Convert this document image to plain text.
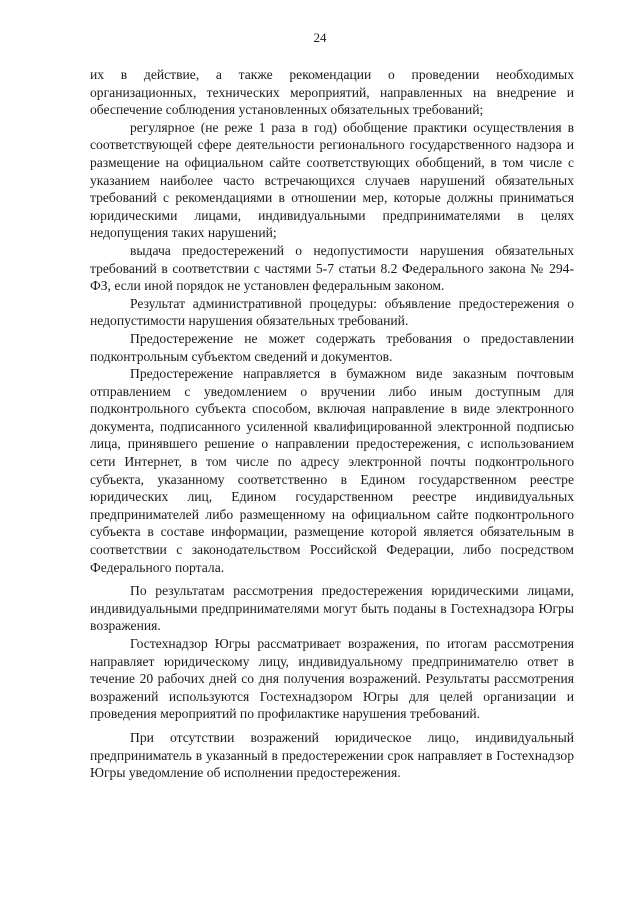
24

их в действие, а также рекомендации о проведении необходимых организационных, технических мероприятий, направленных на внедрение и обеспечение соблюдения установленных обязательных требований;

регулярное (не реже 1 раза в год) обобщение практики осуществления в соответствующей сфере деятельности регионального государственного надзора и размещение на официальном сайте соответствующих обобщений, в том числе с указанием наиболее часто встречающихся случаев нарушений обязательных требований с рекомендациями в отношении мер, которые должны приниматься юридическими лицами, индивидуальными предпринимателями в целях недопущения таких нарушений;

выдача предостережений о недопустимости нарушения обязательных требований в соответствии с частями 5-7 статьи 8.2 Федерального закона № 294-ФЗ, если иной порядок не установлен федеральным законом.

Результат административной процедуры: объявление предостережения о недопустимости нарушения обязательных требований.

Предостережение не может содержать требования о предоставлении подконтрольным субъектом сведений и документов.

Предостережение направляется в бумажном виде заказным почтовым отправлением с уведомлением о вручении либо иным доступным для подконтрольного субъекта способом, включая направление в виде электронного документа, подписанного усиленной квалифицированной электронной подписью лица, принявшего решение о направлении предостережения, с использованием сети Интернет, в том числе по адресу электронной почты подконтрольного субъекта, указанному соответственно в Едином государственном реестре юридических лиц, Едином государственном реестре индивидуальных предпринимателей либо размещенному на официальном сайте подконтрольного субъекта в составе информации, размещение которой является обязательным в соответствии с законодательством Российской Федерации, либо посредством Федерального портала.

По результатам рассмотрения предостережения юридическими лицами, индивидуальными предпринимателями могут быть поданы в Гостехнадзора Югры возражения.

Гостехнадзор Югры рассматривает возражения, по итогам рассмотрения направляет юридическому лицу, индивидуальному предпринимателю ответ в течение 20 рабочих дней со дня получения возражений. Результаты рассмотрения возражений используются Гостехнадзором Югры для целей организации и проведения мероприятий по профилактике нарушения требований.

При отсутствии возражений юридическое лицо, индивидуальный предприниматель в указанный в предостережении срок направляет в Гостехнадзор Югры уведомление об исполнении предостережения.
